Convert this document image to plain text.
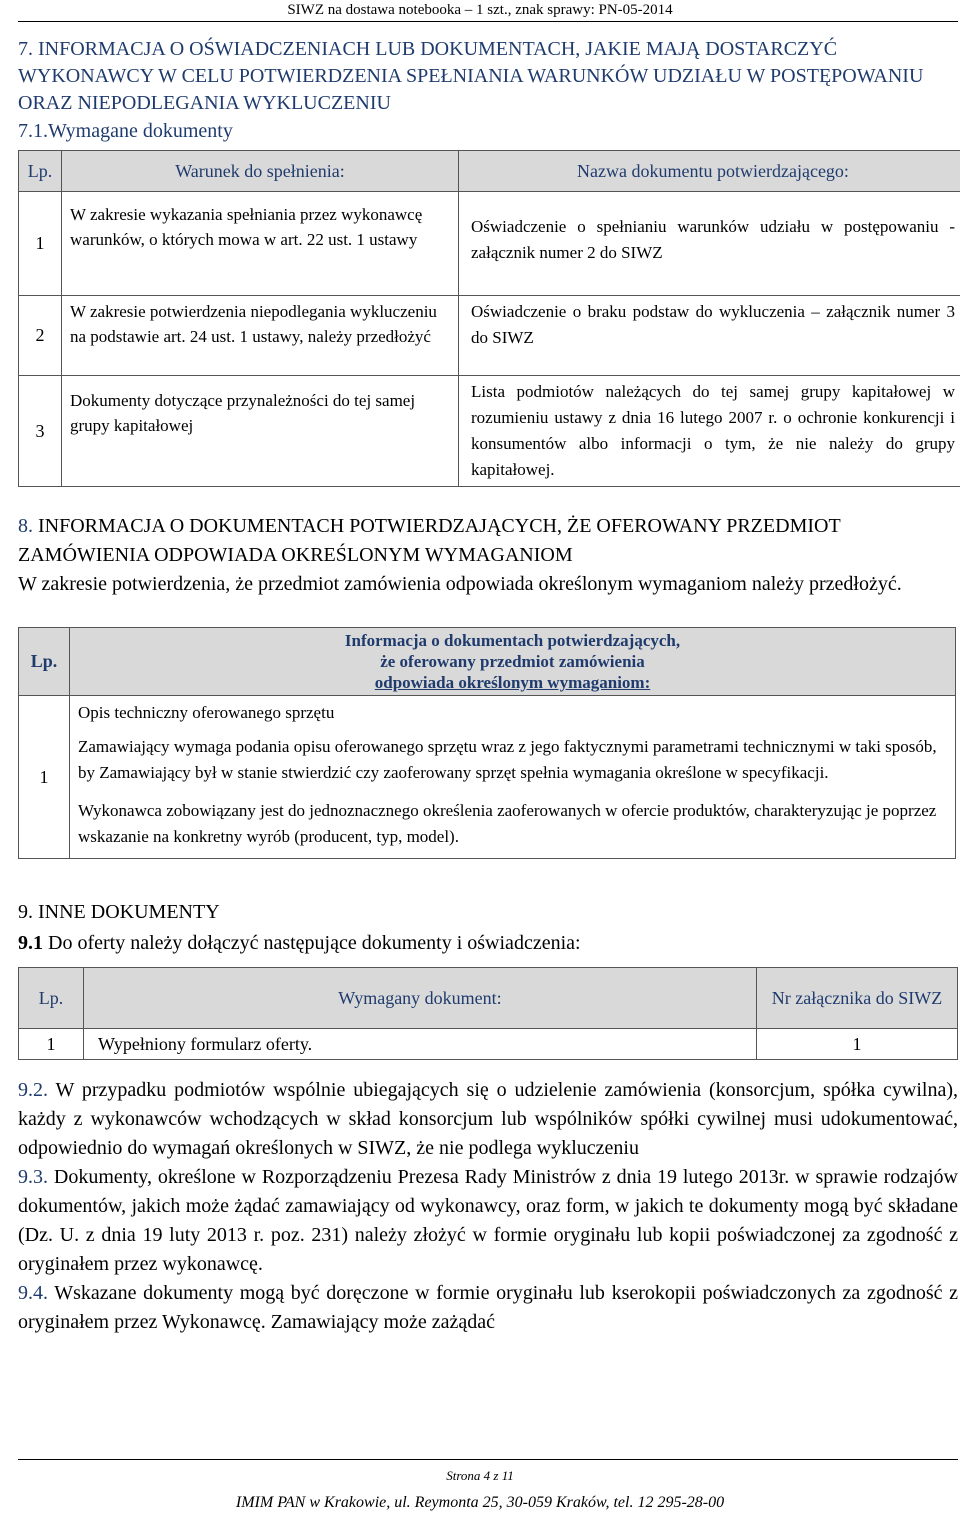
SIWZ na dostawa notebooka – 1 szt., znak sprawy: PN-05-2014
7. INFORMACJA O OŚWIADCZENIACH LUB DOKUMENTACH, JAKIE MAJĄ DOSTARCZYĆ WYKONAWCY W CELU POTWIERDZENIA SPEŁNIANIA WARUNKÓW UDZIAŁU W POSTĘPOWANIU ORAZ NIEPODLEGANIA WYKLUCZENIU
7.1.Wymagane dokumenty
Lp.	Warunek do spełnienia:	Nazwa dokumentu potwierdzającego:
1	W zakresie wykazania spełniania przez wykonawcę warunków, o których mowa w art. 22 ust. 1 ustawy	Oświadczenie o spełnianiu warunków udziału w postępowaniu - załącznik numer 2 do SIWZ
2	W zakresie potwierdzenia niepodlegania wykluczeniu na podstawie art. 24 ust. 1 ustawy, należy przedłożyć	Oświadczenie o braku podstaw do wykluczenia – załącznik numer 3 do SIWZ
3	Dokumenty dotyczące przynależności do tej samej grupy kapitałowej	Lista podmiotów należących do tej samej grupy kapitałowej w rozumieniu ustawy z dnia 16 lutego 2007 r. o ochronie konkurencji i konsumentów albo informacji o tym, że nie należy do grupy kapitałowej.
8. INFORMACJA O DOKUMENTACH POTWIERDZAJĄCYCH, ŻE OFEROWANY PRZEDMIOT ZAMÓWIENIA ODPOWIADA OKREŚLONYM WYMAGANIOM
W zakresie potwierdzenia, że przedmiot zamówienia odpowiada określonym wymaganiom należy przedłożyć.
Lp.	Informacja o dokumentach potwierdzających,
że oferowany przedmiot zamówienia
odpowiada określonym wymaganiom:

1	Opis techniczny oferowanego sprzętu

Zamawiający wymaga podania opisu oferowanego sprzętu wraz z jego faktycznymi parametrami technicznymi w taki sposób, by Zamawiający był w stanie stwierdzić czy zaoferowany sprzęt spełnia wymagania określone w specyfikacji.

Wykonawca zobowiązany jest do jednoznacznego określenia zaoferowanych w ofercie produktów, charakteryzując je poprzez wskazanie na konkretny wyrób (producent, typ, model).

9. INNE DOKUMENTY
9.1 Do oferty należy dołączyć następujące dokumenty i oświadczenia:
Lp.	Wymagany dokument:	Nr załącznika do SIWZ
1	Wypełniony formularz oferty.	1

9.2. W przypadku podmiotów wspólnie ubiegających się o udzielenie zamówienia (konsorcjum, spółka cywilna), każdy z wykonawców wchodzących w skład konsorcjum lub wspólników spółki cywilnej musi udokumentować, odpowiednio do wymagań określonych w SIWZ, że nie podlega wykluczeniu

9.3. Dokumenty, określone w Rozporządzeniu Prezesa Rady Ministrów z dnia 19 lutego 2013r. w sprawie rodzajów dokumentów, jakich może żądać zamawiający od wykonawcy, oraz form, w jakich te dokumenty mogą być składane (Dz. U. z dnia 19 luty 2013 r. poz. 231) należy złożyć w formie oryginału lub kopii poświadczonej za zgodność z oryginałem przez wykonawcę.

9.4. Wskazane dokumenty mogą być doręczone w formie oryginału lub kserokopii poświadczonych za zgodność z oryginałem przez Wykonawcę. Zamawiający może zażądać

Strona 4 z 11
IMIM PAN w Krakowie, ul. Reymonta 25, 30-059 Kraków, tel. 12 295-28-00
